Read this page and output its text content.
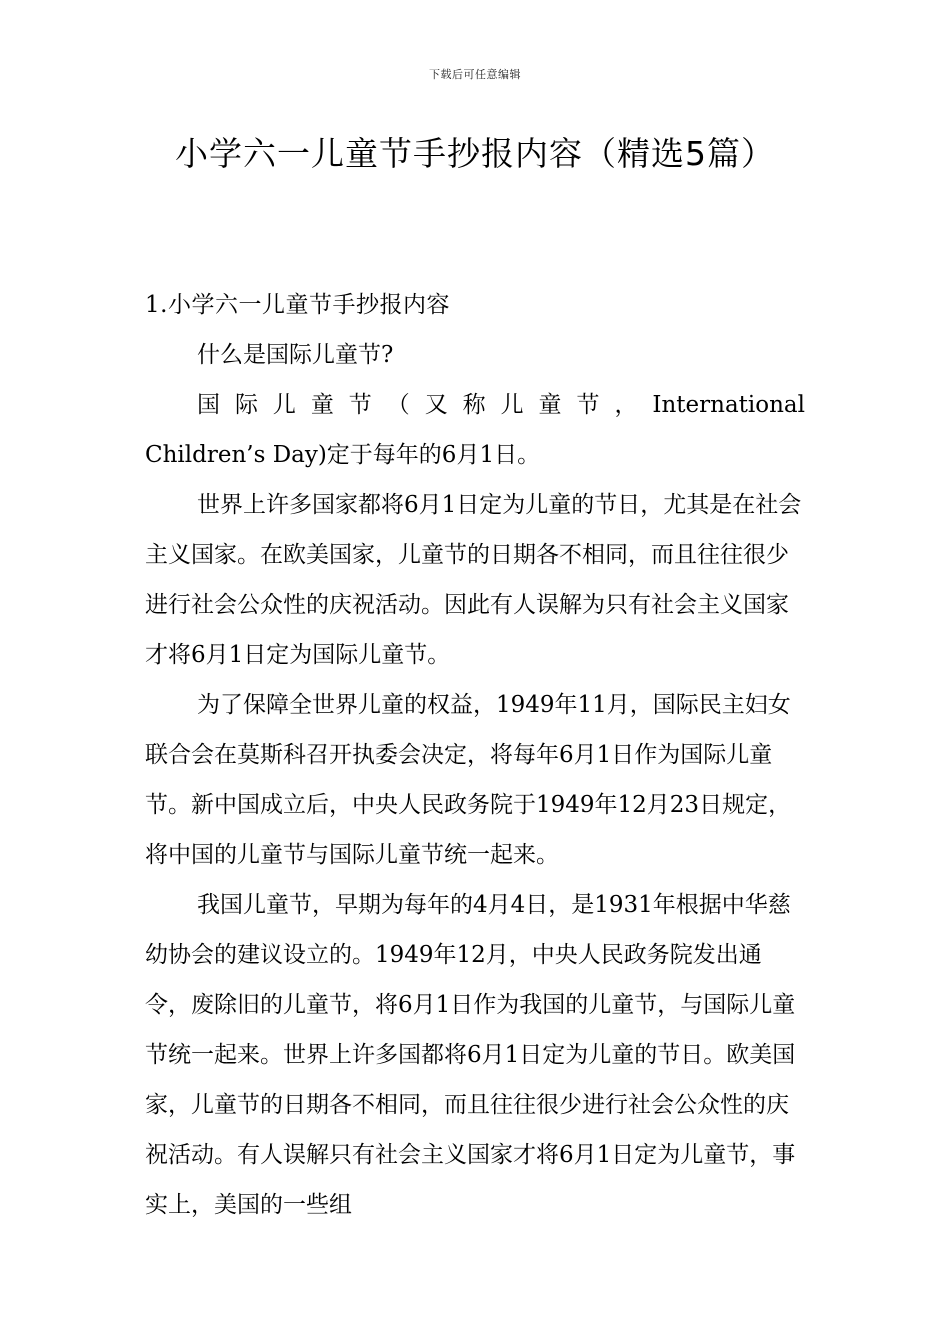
下载后可任意编辑
小学六一儿童节手抄报内容（精选5篇）

1.小学六一儿童节手抄报内容

什么是国际儿童节?

国际儿童节（又称儿童节，International

Children’s Day)定于每年的6月1日。

世界上许多国家都将6月1日定为儿童的节日，尤其是在社会主义国家。在欧美国家，儿童节的日期各不相同，而且往往很少进行社会公众性的庆祝活动。因此有人误解为只有社会主义国家才将6月1日定为国际儿童节。

为了保障全世界儿童的权益，1949年11月，国际民主妇女联合会在莫斯科召开执委会决定，将每年6月1日作为国际儿童节。新中国成立后，中央人民政务院于1949年12月23日规定，将中国的儿童节与国际儿童节统一起来。

我国儿童节，早期为每年的4月4日，是1931年根据中华慈幼协会的建议设立的。1949年12月，中央人民政务院发出通令，废除旧的儿童节，将6月1日作为我国的儿童节，与国际儿童节统一起来。世界上许多国都将6月1日定为儿童的节日。欧美国家，儿童节的日期各不相同，而且往往很少进行社会公众性的庆祝活动。有人误解只有社会主义国家才将6月1日定为儿童节，事实上，美国的一些组
